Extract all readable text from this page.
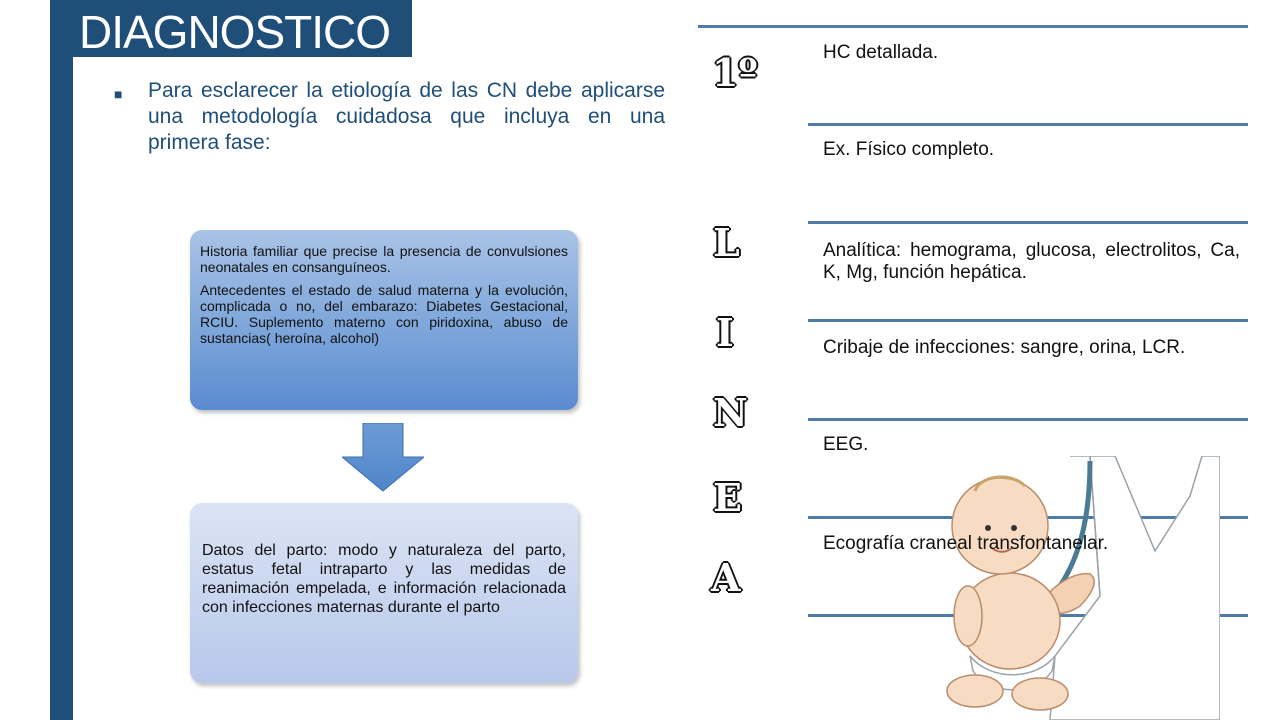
DIAGNOSTICO
■ Para esclarecer la etiología de las CN debe aplicarse una metodología cuidadosa que incluya en una primera fase:

Historia familiar que precise la presencia de convulsiones neonatales en consanguíneos.

Antecedentes el estado de salud materna y la evolución, complicada o no, del embarazo: Diabetes Gestacional, RCIU. Suplemento materno con piridoxina, abuso de sustancias( heroína, alcohol)

Datos del parto: modo y naturaleza del parto, estatus fetal intraparto y las medidas de reanimación empelada, e información relacionada con infecciones maternas durante el parto
1º
L
I
N
E
A
HC detallada.
Ex. Físico completo.
Analítica: hemograma, glucosa, electrolitos, Ca, K, Mg, función hepática.
Cribaje de infecciones: sangre, orina, LCR.
EEG.
Ecografía craneal transfontanelar.
